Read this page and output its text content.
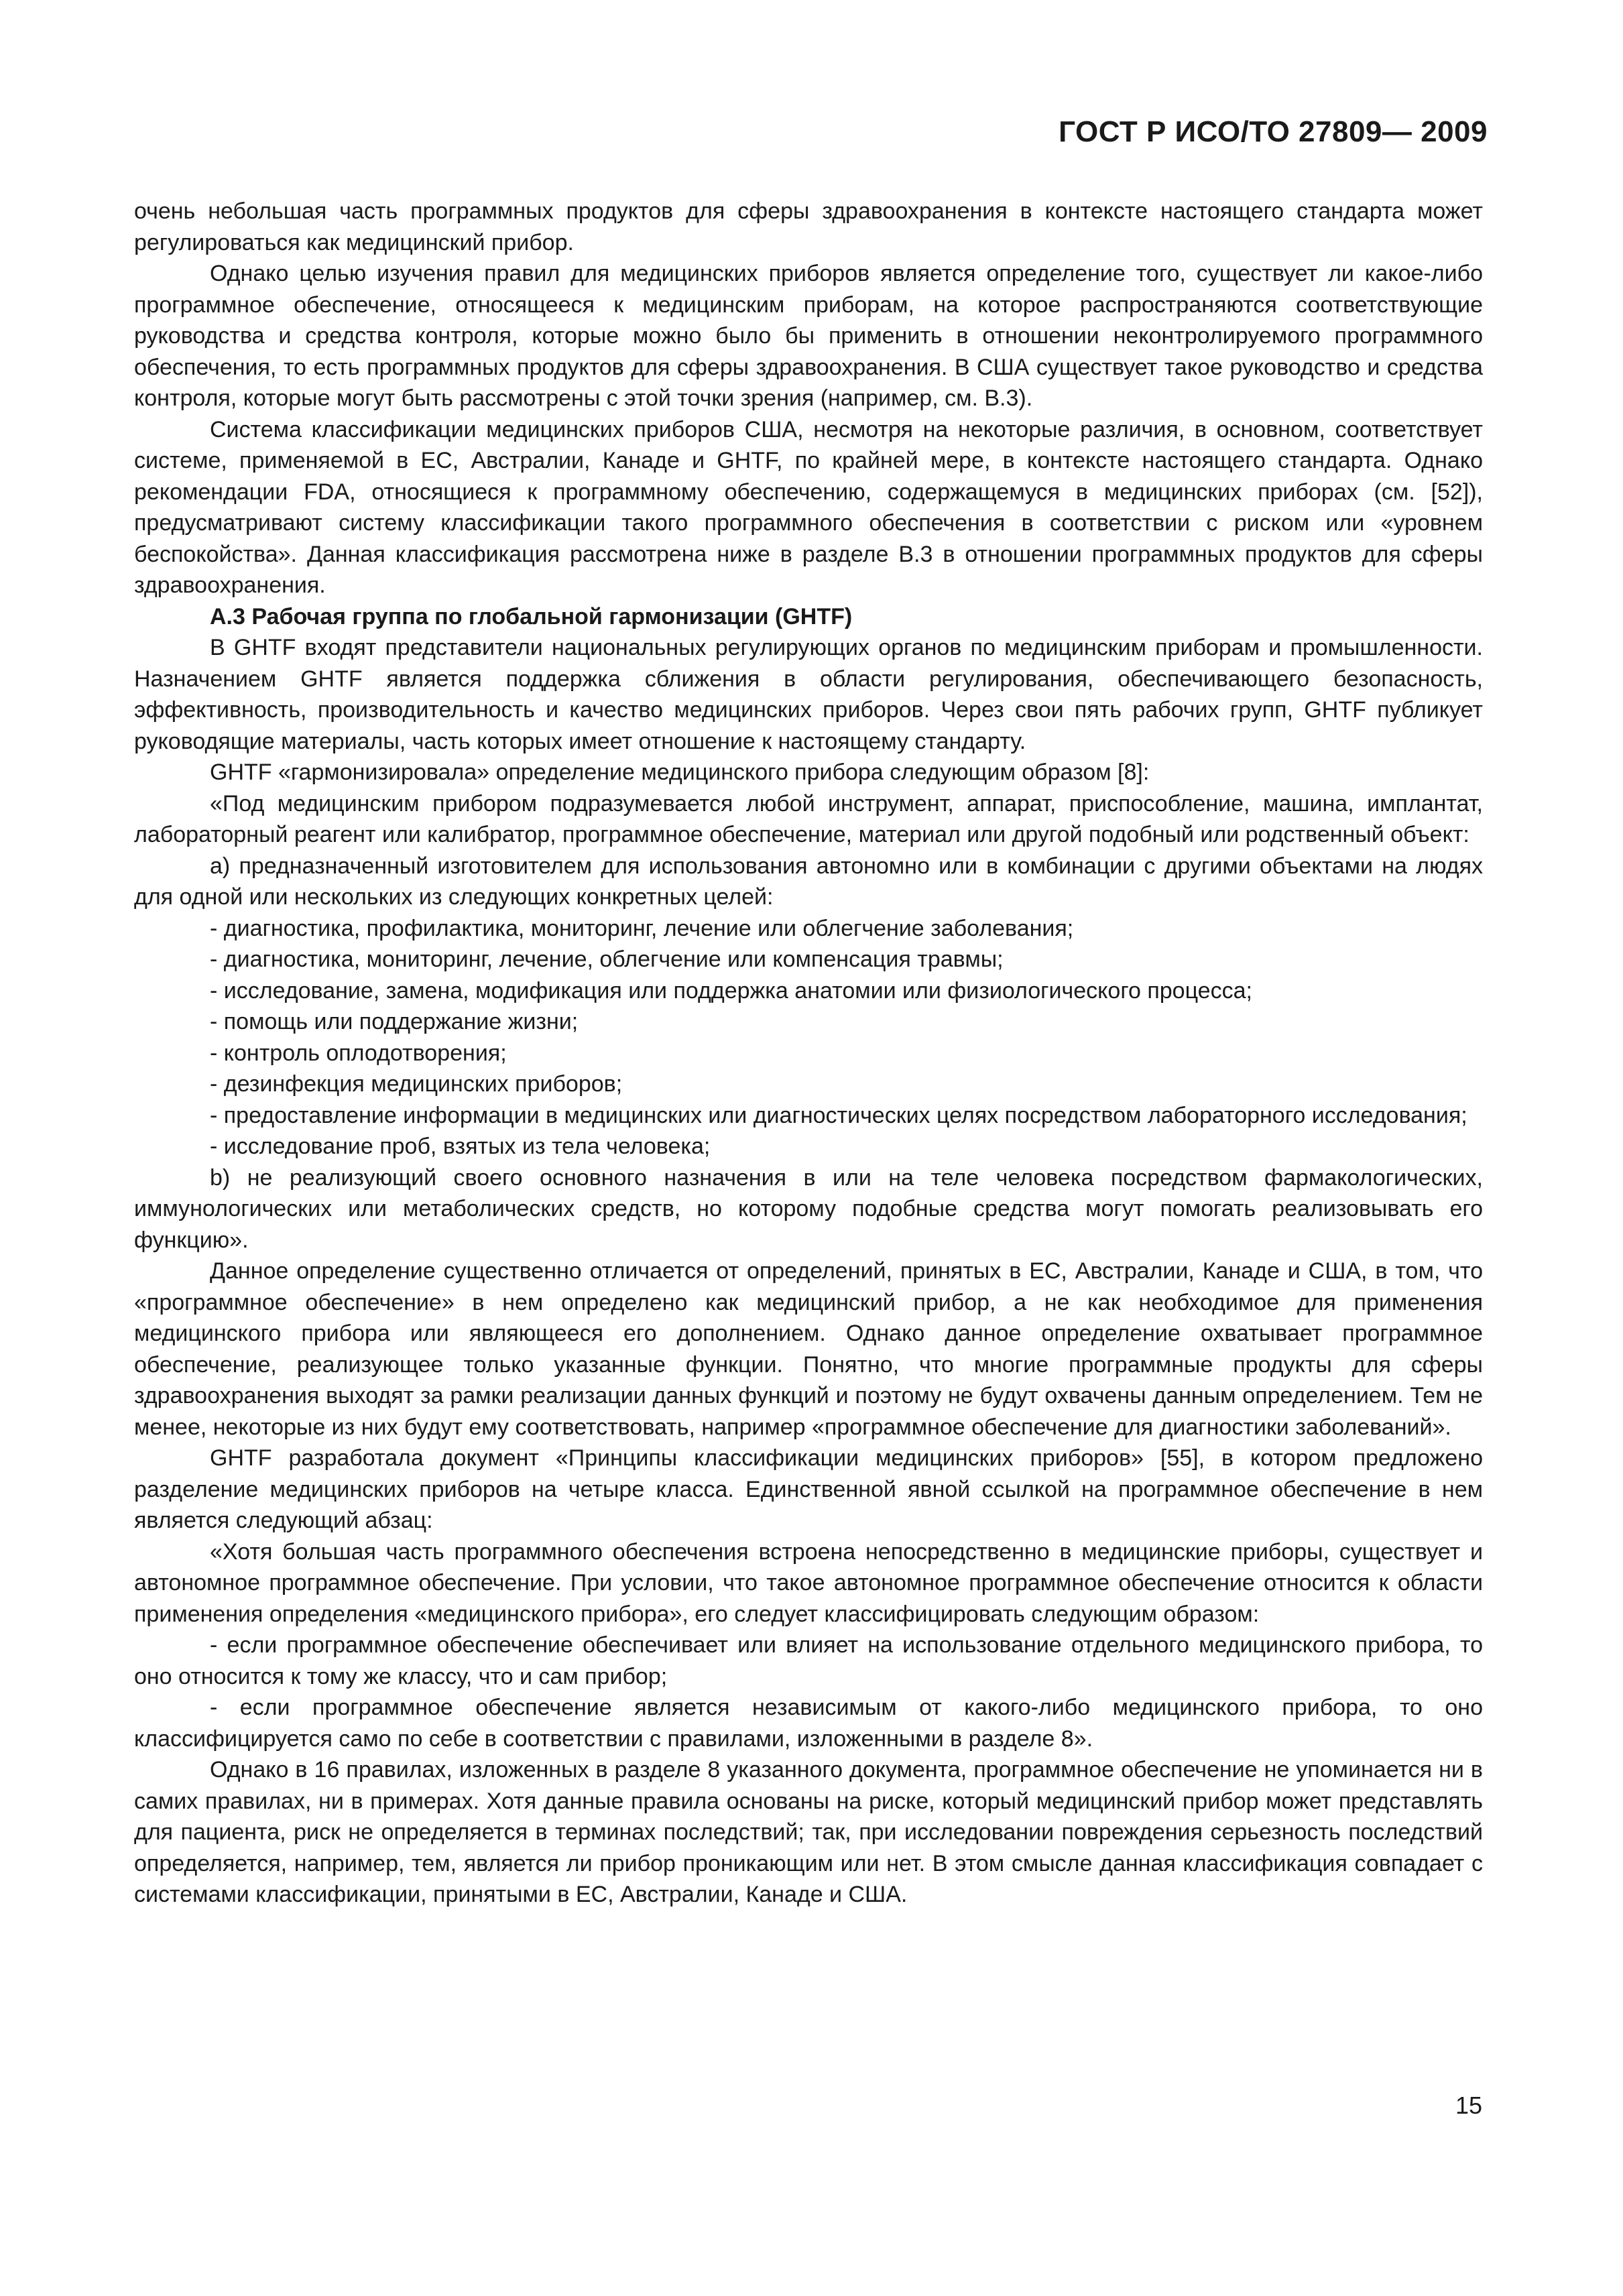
ГОСТ Р ИСО/ТО 27809— 2009

очень небольшая часть программных продуктов для сферы здравоохранения в контексте настоящего стандарта может регулироваться как медицинский прибор.

Однако целью изучения правил для медицинских приборов является определение того, существует ли какое-либо программное обеспечение, относящееся к медицинским приборам, на которое распространяются соответствующие руководства и средства контроля, которые можно было бы применить в отношении неконтролируемого программного обеспечения, то есть программных продуктов для сферы здравоохранения. В США существует такое руководство и средства контроля, которые могут быть рассмотрены с этой точки зрения (например, см. В.3).

Система классификации медицинских приборов США, несмотря на некоторые различия, в основном, соответствует системе, применяемой в ЕС, Австралии, Канаде и GHTF, по крайней мере, в контексте настоящего стандарта. Однако рекомендации FDA, относящиеся к программному обеспечению, содержащемуся в медицинских приборах (см. [52]), предусматривают систему классификации такого программного обеспечения в соответствии с риском или «уровнем беспокойства». Данная классификация рассмотрена ниже в разделе В.3 в отношении программных продуктов для сферы здравоохранения.

А.3 Рабочая группа по глобальной гармонизации (GHTF)

В GHTF входят представители национальных регулирующих органов по медицинским приборам и промышленности. Назначением GHTF является поддержка сближения в области регулирования, обеспечивающего безопасность, эффективность, производительность и качество медицинских приборов. Через свои пять рабочих групп, GHTF публикует руководящие материалы, часть которых имеет отношение к настоящему стандарту.

GHTF «гармонизировала» определение медицинского прибора следующим образом [8]:

«Под медицинским прибором подразумевается любой инструмент, аппарат, приспособление, машина, имплантат, лабораторный реагент или калибратор, программное обеспечение, материал или другой подобный или родственный объект:

а) предназначенный изготовителем для использования автономно или в комбинации с другими объектами на людях для одной или нескольких из следующих конкретных целей:

- диагностика, профилактика, мониторинг, лечение или облегчение заболевания;

- диагностика, мониторинг, лечение, облегчение или компенсация травмы;

- исследование, замена, модификация или поддержка анатомии или физиологического процесса;

- помощь или поддержание жизни;

- контроль оплодотворения;

- дезинфекция медицинских приборов;

- предоставление информации в медицинских или диагностических целях посредством лабораторного исследования;

- исследование проб, взятых из тела человека;

b) не реализующий своего основного назначения в или на теле человека посредством фармакологических, иммунологических или метаболических средств, но которому подобные средства могут помогать реализовывать его функцию».

Данное определение существенно отличается от определений, принятых в ЕС, Австралии, Канаде и США, в том, что «программное обеспечение» в нем определено как медицинский прибор, а не как необходимое для применения медицинского прибора или являющееся его дополнением. Однако данное определение охватывает программное обеспечение, реализующее только указанные функции. Понятно, что многие программные продукты для сферы здравоохранения выходят за рамки реализации данных функций и поэтому не будут охвачены данным определением. Тем не менее, некоторые из них будут ему соответствовать, например «программное обеспечение для диагностики заболеваний».

GHTF разработала документ «Принципы классификации медицинских приборов» [55], в котором предложено разделение медицинских приборов на четыре класса. Единственной явной ссылкой на программное обеспечение в нем является следующий абзац:

«Хотя большая часть программного обеспечения встроена непосредственно в медицинские приборы, существует и автономное программное обеспечение. При условии, что такое автономное программное обеспечение относится к области применения определения «медицинского прибора», его следует классифицировать следующим образом:

- если программное обеспечение обеспечивает или влияет на использование отдельного медицинского прибора, то оно относится к тому же классу, что и сам прибор;

- если программное обеспечение является независимым от какого-либо медицинского прибора, то оно классифицируется само по себе в соответствии с правилами, изложенными в разделе 8».

Однако в 16 правилах, изложенных в разделе 8 указанного документа, программное обеспечение не упоминается ни в самих правилах, ни в примерах. Хотя данные правила основаны на риске, который медицинский прибор может представлять для пациента, риск не определяется в терминах последствий; так, при исследовании повреждения серьезность последствий определяется, например, тем, является ли прибор проникающим или нет. В этом смысле данная классификация совпадает с системами классификации, принятыми в ЕС, Австралии, Канаде и США.

15
